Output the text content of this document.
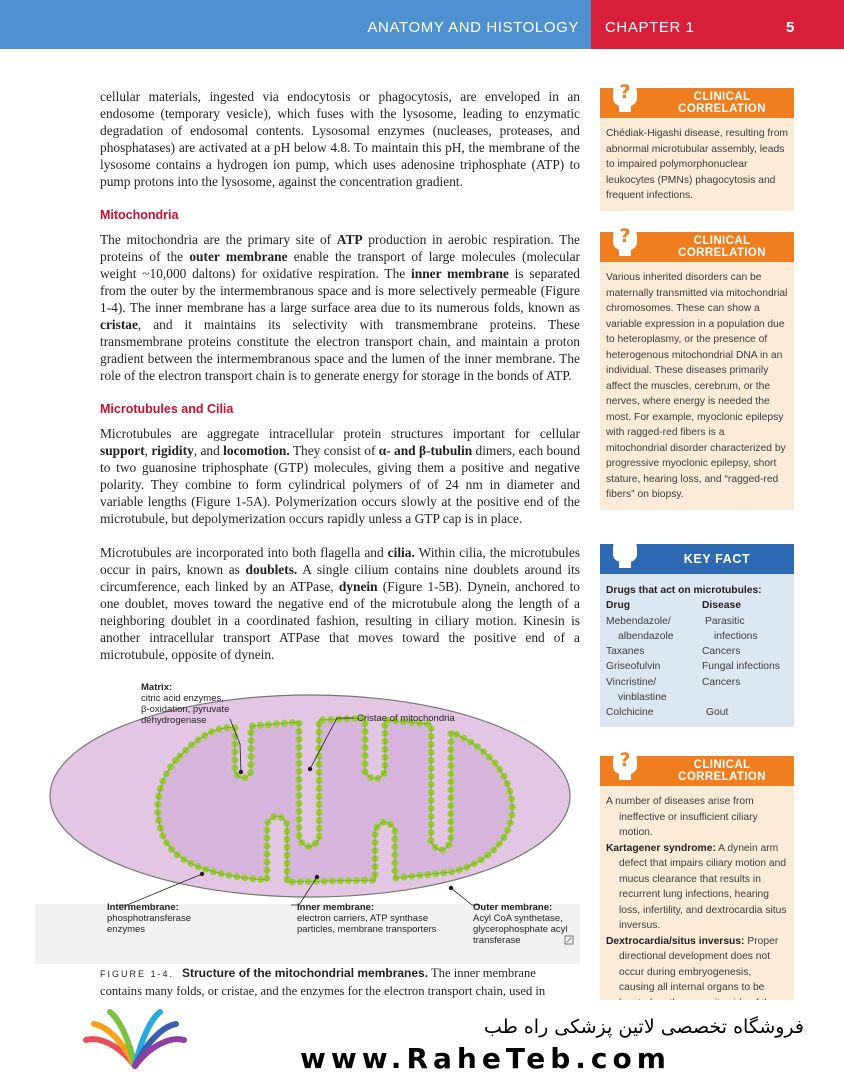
ANATOMY AND HISTOLOGY CHAPTER 1	5

cellular materials, ingested via endocytosis or phagocytosis, are enveloped in an endosome (temporary vesicle), which fuses with the lysosome, leading to enzymatic degradation of endosomal contents. Lysosomal enzymes (nucleases, proteases, and phosphatases) are activated at a pH below 4.8. To maintain this pH, the membrane of the lysosome contains a hydrogen ion pump, which uses adenosine triphosphate (ATP) to pump protons into the lysosome, against the concentration gradient.

Mitochondria

The mitochondria are the primary site of ATP production in aerobic respiration. The proteins of the outer membrane enable the transport of large molecules (molecular weight ~10,000 daltons) for oxidative respiration. The inner membrane is separated from the outer by the intermembranous space and is more selectively permeable (Figure 1-4). The inner membrane has a large surface area due to its numerous folds, known as cristae, and it maintains its selectivity with transmembrane proteins. These transmembrane proteins constitute the electron transport chain, and maintain a proton gradient between the intermembranous space and the lumen of the inner membrane. The role of the electron transport chain is to generate energy for storage in the bonds of ATP.

Microtubules and Cilia

Microtubules are aggregate intracellular protein structures important for cellular support, rigidity, and locomotion. They consist of α- and β-tubulin dimers, each bound to two guanosine triphosphate (GTP) molecules, giving them a positive and negative polarity. They combine to form cylindrical polymers of of 24 nm in diameter and variable lengths (Figure 1-5A). Polymerization occurs slowly at the positive end of the microtubule, but depolymerization occurs rapidly unless a GTP cap is in place.

Microtubules are incorporated into both flagella and cilia. Within cilia, the microtubules occur in pairs, known as doublets. A single cilium contains nine doublets around its circumference, each linked by an ATPase, dynein (Figure 1-5B). Dynein, anchored to one doublet, moves toward the negative end of the microtubule along the length of a neighboring doublet in a coordinated fashion, resulting in ciliary motion. Kinesin is another intracellular transport ATPase that moves toward the positive end of a microtubule, opposite of dynein.

Matrix:
citric acid enzymes,
β-oxidation, pyruvate
dehydrogenase	Cristae of mitochondria
Intermembrane:
phosphotransferase
enzymes
Inner membrane:
electron carriers, ATP synthase
particles, membrane transporters
Outer membrane:
Acyl CoA synthetase,
glycerophosphate acyl
transferase
FIGURE 1-4. Structure of the mitochondrial membranes. The inner membrane contains many folds, or cristae, and the enzymes for the electron transport chain, used in
?	CLINICAL
CORRELATION
Chédiak-Higashi disease, resulting from abnormal microtubular assembly, leads to impaired polymorphonuclear leukocytes (PMNs) phagocytosis and frequent infections.
?	CLINICAL
CORRELATION
Various inherited disorders can be maternally transmitted via mitochondrial chromosomes. These can show a variable expression in a population due to heteroplasmy, or the presence of heterogenous mitochondrial DNA in an individual. These diseases primarily affect the muscles, cerebrum, or the nerves, where energy is needed the most. For example, myoclonic epilepsy with ragged-red fibers is a mitochondrial disorder characterized by progressive myoclonic epilepsy, short stature, hearing loss, and “ragged-red fibers” on biopsy.
KEY FACT
Drugs that act on microtubules:
Drug	Disease
Mebendazole/	Parasitic
albendazole	infections
Taxanes	Cancers
Griseofulvin	Fungal infections
Vincristine/	Cancers
vinblastine
Colchicine	Gout
?	CLINICAL
CORRELATION
A number of diseases arise from ineffective or insufficient ciliary motion.
Kartagener syndrome: A dynein arm defect that impairs ciliary motion and mucus clearance that results in recurrent lung infections, hearing loss, infertility, and dextrocardia situs inversus.
Dextrocardia/situs inversus: Proper directional development does not occur during embryogenesis, causing all internal organs to be
فروشگاه تخصصی لاتین پزشکی راه طب
www.RaheTeb.com
